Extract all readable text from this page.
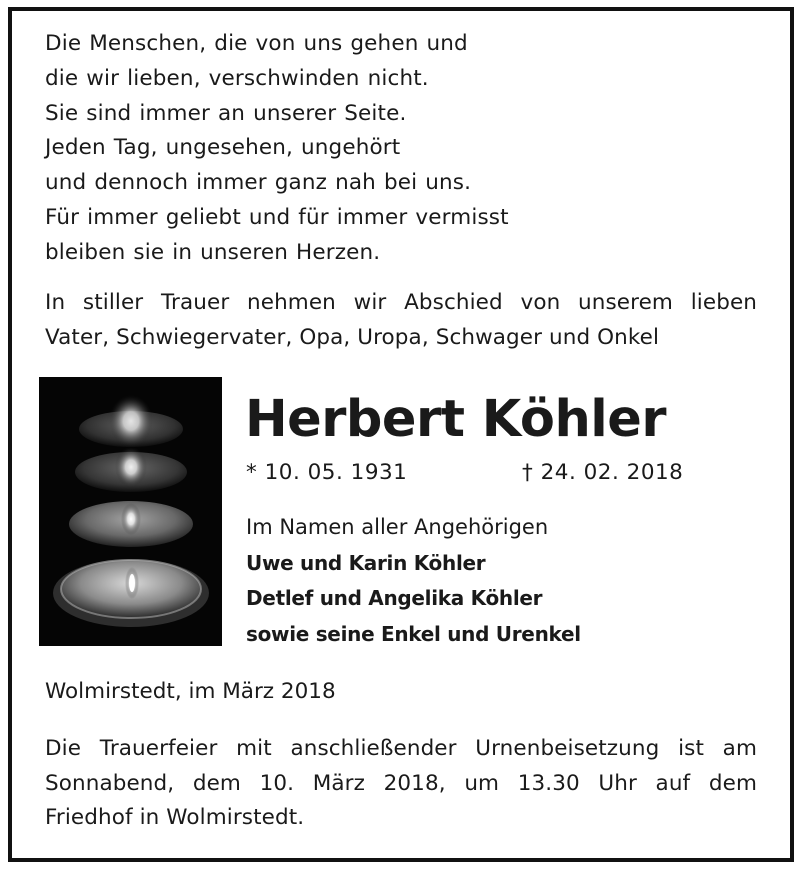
Die Menschen, die von uns gehen und
die wir lieben, verschwinden nicht.
Sie sind immer an unserer Seite.
Jeden Tag, ungesehen, ungehört
und dennoch immer ganz nah bei uns.
Für immer geliebt und für immer vermisst
bleiben sie in unseren Herzen.
In stiller Trauer nehmen wir Abschied von unserem lieben
Vater, Schwiegervater, Opa, Uropa, Schwager und Onkel
Herbert Köhler
* 10. 05. 1931	† 24. 02. 2018
Im Namen aller Angehörigen
Uwe und Karin Köhler
Detlef und Angelika Köhler
sowie seine Enkel und Urenkel
Wolmirstedt, im März 2018
Die Trauerfeier mit anschließender Urnenbeisetzung ist am
Sonnabend, dem 10. März 2018, um 13.30 Uhr auf dem
Friedhof in Wolmirstedt.
